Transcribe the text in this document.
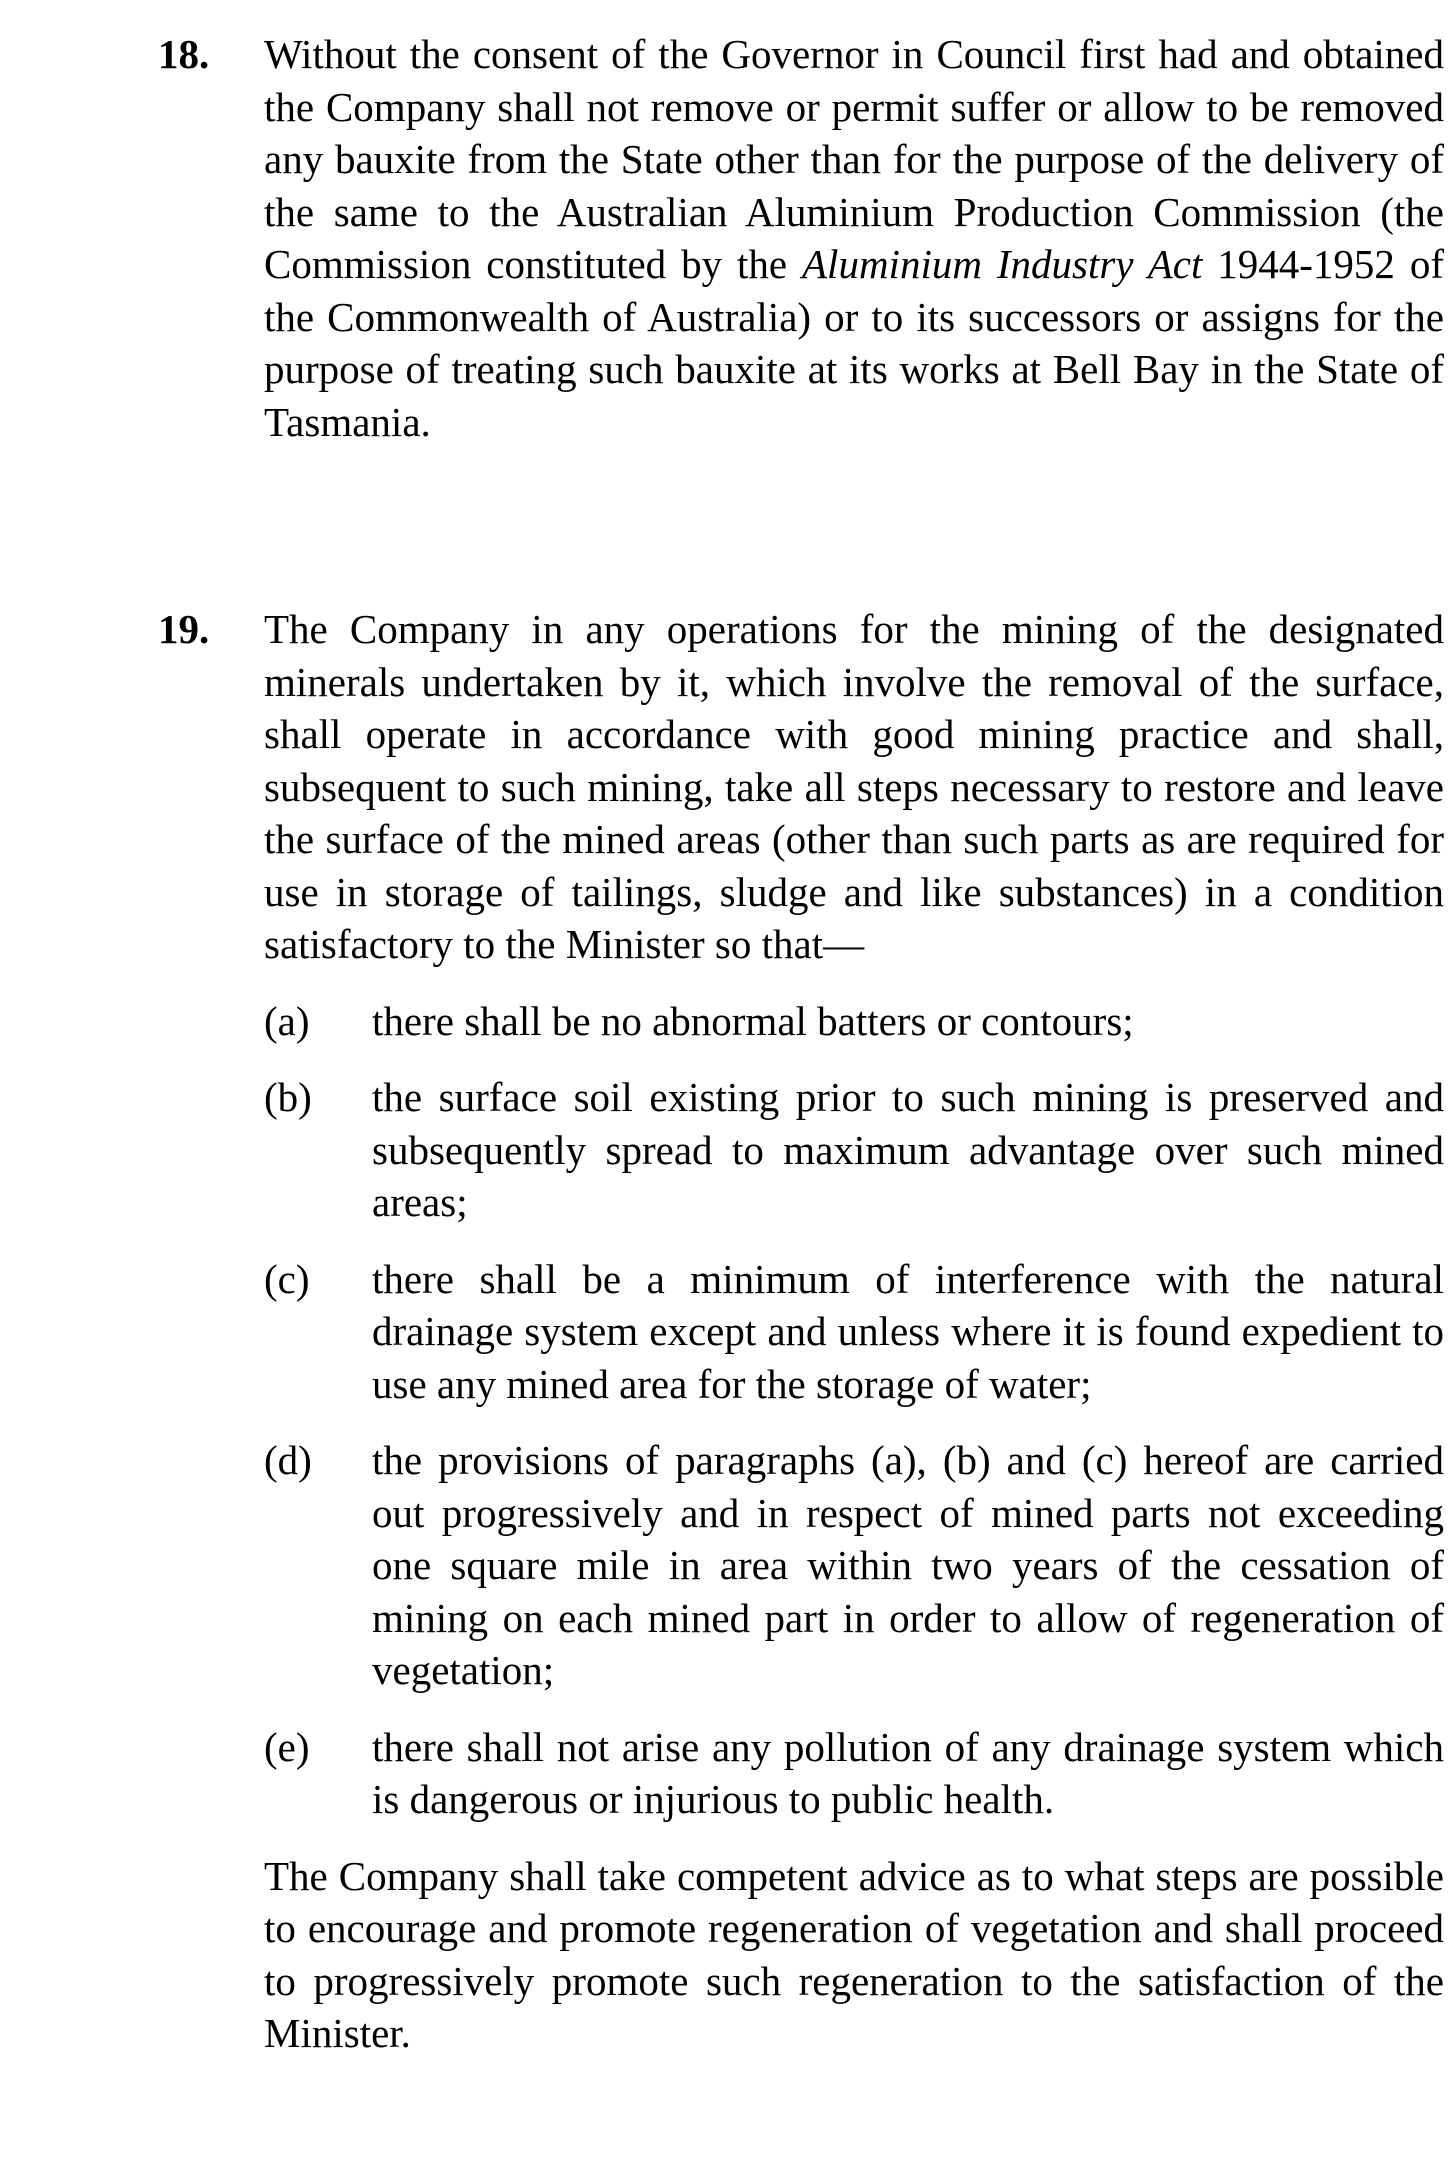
18. Without the consent of the Governor in Council first had and obtained the Company shall not remove or permit suffer or allow to be removed any bauxite from the State other than for the purpose of the delivery of the same to the Australian Aluminium Production Commission (the Commission constituted by the Aluminium Industry Act 1944-1952 of the Commonwealth of Australia) or to its successors or assigns for the purpose of treating such bauxite at its works at Bell Bay in the State of Tasmania.

19. The Company in any operations for the mining of the designated minerals undertaken by it, which involve the removal of the surface, shall operate in accordance with good mining practice and shall, subsequent to such mining, take all steps necessary to restore and leave the surface of the mined areas (other than such parts as are required for use in storage of tailings, sludge and like substances) in a condition satisfactory to the Minister so that—

(a) there shall be no abnormal batters or contours;
(b) the surface soil existing prior to such mining is preserved and subsequently spread to maximum advantage over such mined areas;
(c) there shall be a minimum of interference with the natural drainage system except and unless where it is found expedient to use any mined area for the storage of water;
(d) the provisions of paragraphs (a), (b) and (c) hereof are carried out progressively and in respect of mined parts not exceeding one square mile in area within two years of the cessation of mining on each mined part in order to allow of regeneration of vegetation;
(e) there shall not arise any pollution of any drainage system which is dangerous or injurious to public health.

The Company shall take competent advice as to what steps are possible to encourage and promote regeneration of vegetation and shall proceed to progressively promote such regeneration to the satisfaction of the Minister.
